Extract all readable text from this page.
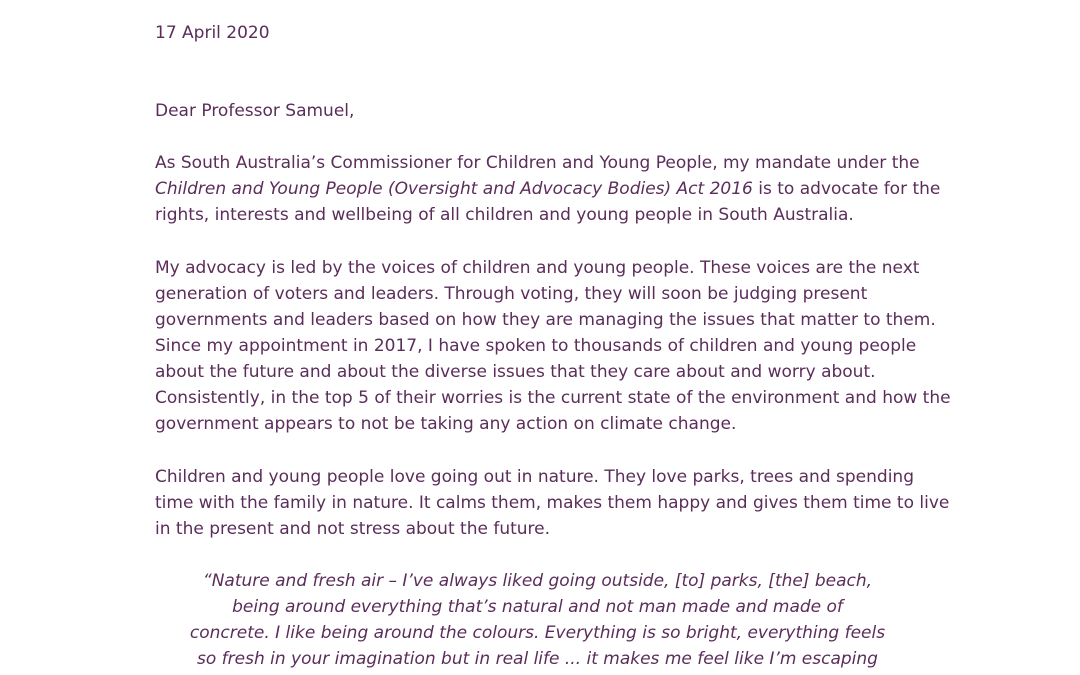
17 April 2020
Dear Professor Samuel,
As South Australia’s Commissioner for Children and Young People, my mandate under the
Children and Young People (Oversight and Advocacy Bodies) Act 2016 is to advocate for the
rights, interests and wellbeing of all children and young people in South Australia.
My advocacy is led by the voices of children and young people. These voices are the next
generation of voters and leaders. Through voting, they will soon be judging present
governments and leaders based on how they are managing the issues that matter to them.
Since my appointment in 2017, I have spoken to thousands of children and young people
about the future and about the diverse issues that they care about and worry about.
Consistently, in the top 5 of their worries is the current state of the environment and how the
government appears to not be taking any action on climate change.
Children and young people love going out in nature. They love parks, trees and spending
time with the family in nature. It calms them, makes them happy and gives them time to live
in the present and not stress about the future.
“Nature and fresh air – I’ve always liked going outside, [to] parks, [the] beach,
being around everything that’s natural and not man made and made of
concrete. I like being around the colours. Everything is so bright, everything feels
so fresh in your imagination but in real life ... it makes me feel like I’m escaping
